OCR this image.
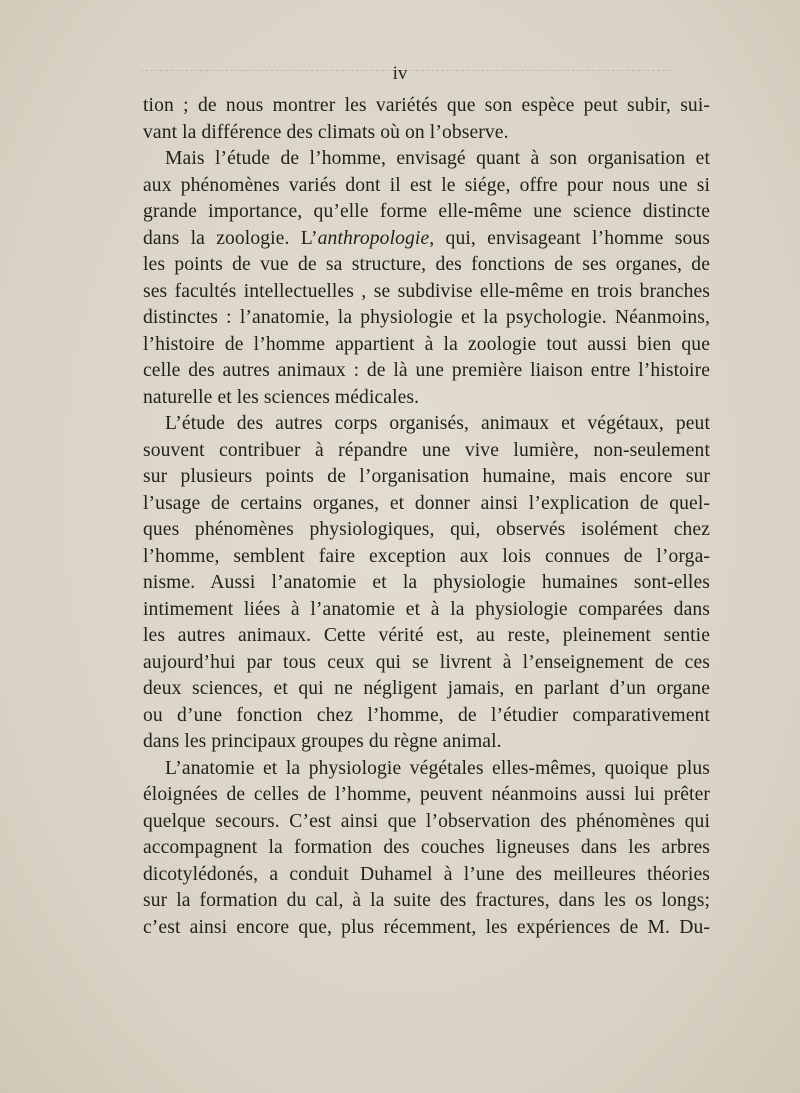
iv
tion ; de nous montrer les variétés que son espèce peut subir, sui-
vant la différence des climats où on l’observe.
Mais l’étude de l’homme, envisagé quant à son organisation et
aux phénomènes variés dont il est le siége, offre pour nous une si
grande importance, qu’elle forme elle-même une science distincte
dans la zoologie. L’anthropologie, qui, envisageant l’homme sous
les points de vue de sa structure, des fonctions de ses organes, de
ses facultés intellectuelles , se subdivise elle-même en trois branches
distinctes : l’anatomie, la physiologie et la psychologie. Néanmoins,
l’histoire de l’homme appartient à la zoologie tout aussi bien que
celle des autres animaux : de là une première liaison entre l’histoire
naturelle et les sciences médicales.
L’étude des autres corps organisés, animaux et végétaux, peut
souvent contribuer à répandre une vive lumière, non-seulement
sur plusieurs points de l’organisation humaine, mais encore sur
l’usage de certains organes, et donner ainsi l’explication de quel-
ques phénomènes physiologiques, qui, observés isolément chez
l’homme, semblent faire exception aux lois connues de l’orga-
nisme. Aussi l’anatomie et la physiologie humaines sont-elles
intimement liées à l’anatomie et à la physiologie comparées dans
les autres animaux. Cette vérité est, au reste, pleinement sentie
aujourd’hui par tous ceux qui se livrent à l’enseignement de ces
deux sciences, et qui ne négligent jamais, en parlant d’un organe
ou d’une fonction chez l’homme, de l’étudier comparativement
dans les principaux groupes du règne animal.
L’anatomie et la physiologie végétales elles-mêmes, quoique plus
éloignées de celles de l’homme, peuvent néanmoins aussi lui prêter
quelque secours. C’est ainsi que l’observation des phénomènes qui
accompagnent la formation des couches ligneuses dans les arbres
dicotylédonés, a conduit Duhamel à l’une des meilleures théories
sur la formation du cal, à la suite des fractures, dans les os longs;
c’est ainsi encore que, plus récemment, les expériences de M. Du-
